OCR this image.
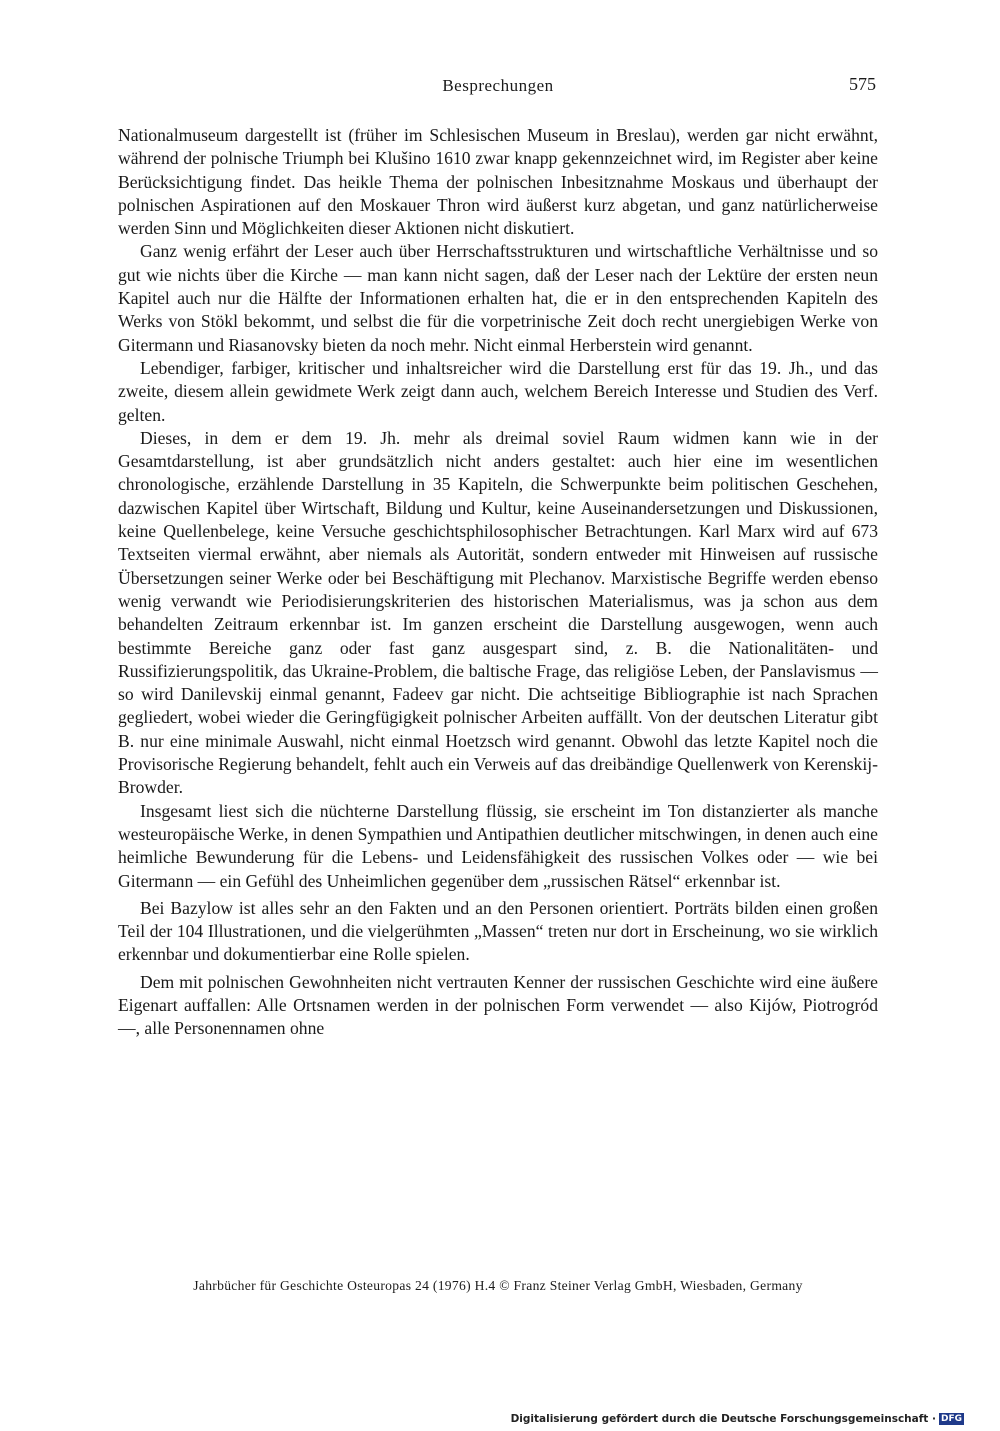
Besprechungen	575

Nationalmuseum dargestellt ist (früher im Schlesischen Museum in Breslau), werden gar nicht erwähnt, während der polnische Triumph bei Klušino 1610 zwar knapp gekennzeichnet wird, im Register aber keine Berücksichtigung findet. Das heikle Thema der polnischen Inbesitznahme Moskaus und überhaupt der polnischen Aspirationen auf den Moskauer Thron wird äußerst kurz abgetan, und ganz natürlicherweise werden Sinn und Möglichkeiten dieser Aktionen nicht diskutiert.

Ganz wenig erfährt der Leser auch über Herrschaftsstrukturen und wirtschaftliche Verhältnisse und so gut wie nichts über die Kirche — man kann nicht sagen, daß der Leser nach der Lektüre der ersten neun Kapitel auch nur die Hälfte der Informationen erhalten hat, die er in den entsprechenden Kapiteln des Werks von Stökl bekommt, und selbst die für die vorpetrinische Zeit doch recht unergiebigen Werke von Gitermann und Riasanovsky bieten da noch mehr. Nicht einmal Herberstein wird genannt.

Lebendiger, farbiger, kritischer und inhaltsreicher wird die Darstellung erst für das 19. Jh., und das zweite, diesem allein gewidmete Werk zeigt dann auch, welchem Bereich Interesse und Studien des Verf. gelten.

Dieses, in dem er dem 19. Jh. mehr als dreimal soviel Raum widmen kann wie in der Gesamtdarstellung, ist aber grundsätzlich nicht anders gestaltet: auch hier eine im wesentlichen chronologische, erzählende Darstellung in 35 Kapiteln, die Schwerpunkte beim politischen Geschehen, dazwischen Kapitel über Wirtschaft, Bildung und Kultur, keine Auseinandersetzungen und Diskussionen, keine Quellenbelege, keine Versuche geschichtsphilosophischer Betrachtungen. Karl Marx wird auf 673 Textseiten viermal erwähnt, aber niemals als Autorität, sondern entweder mit Hinweisen auf russische Übersetzungen seiner Werke oder bei Beschäftigung mit Plechanov. Marxistische Begriffe werden ebenso wenig verwandt wie Periodisierungskriterien des historischen Materialismus, was ja schon aus dem behandelten Zeitraum erkennbar ist. Im ganzen erscheint die Darstellung ausgewogen, wenn auch bestimmte Bereiche ganz oder fast ganz ausgespart sind, z. B. die Nationalitäten- und Russifizierungspolitik, das Ukraine-Problem, die baltische Frage, das religiöse Leben, der Panslavismus — so wird Danilevskij einmal genannt, Fadeev gar nicht. Die achtseitige Bibliographie ist nach Sprachen gegliedert, wobei wieder die Geringfügigkeit polnischer Arbeiten auffällt. Von der deutschen Literatur gibt B. nur eine minimale Auswahl, nicht einmal Hoetzsch wird genannt. Obwohl das letzte Kapitel noch die Provisorische Regierung behandelt, fehlt auch ein Verweis auf das dreibändige Quellenwerk von Kerenskij-Browder.

Insgesamt liest sich die nüchterne Darstellung flüssig, sie erscheint im Ton distanzierter als manche westeuropäische Werke, in denen Sympathien und Antipathien deutlicher mitschwingen, in denen auch eine heimliche Bewunderung für die Lebens- und Leidensfähigkeit des russischen Volkes oder — wie bei Gitermann — ein Gefühl des Unheimlichen gegenüber dem „russischen Rätsel“ erkennbar ist.

Bei Bazylow ist alles sehr an den Fakten und an den Personen orientiert. Porträts bilden einen großen Teil der 104 Illustrationen, und die vielgerühmten „Massen“ treten nur dort in Erscheinung, wo sie wirklich erkennbar und dokumentierbar eine Rolle spielen.

Dem mit polnischen Gewohnheiten nicht vertrauten Kenner der russischen Geschichte wird eine äußere Eigenart auffallen: Alle Ortsnamen werden in der polnischen Form verwendet — also Kijów, Piotrogród —, alle Personennamen ohne

Jahrbücher für Geschichte Osteuropas 24 (1976) H.4 © Franz Steiner Verlag GmbH, Wiesbaden, Germany
Digitalisierung gefördert durch die Deutsche Forschungsgemeinschaft · DFG
